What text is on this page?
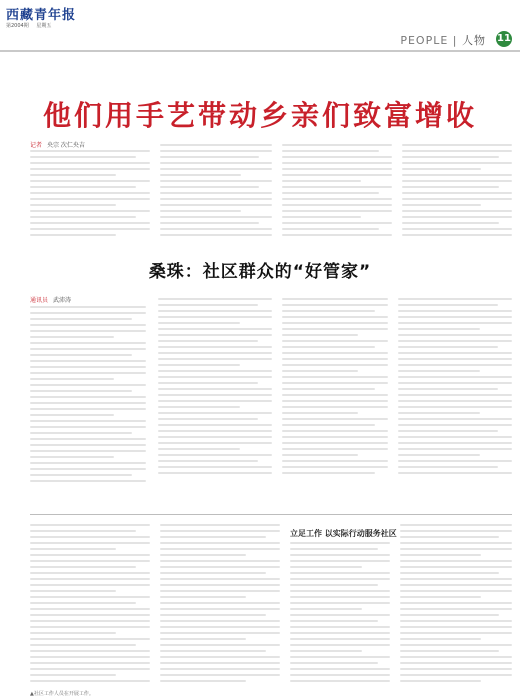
西藏青年报
第2004期 星期五
PEOPLE | 人物 11
他们用手艺带动乡亲们致富增收
记者 央宗 次仁央吉
桑珠：社区群众的“好管家”
通讯员 武沛涛
立足工作 以实际行动服务社区
▲社区工作人员在开展工作。
